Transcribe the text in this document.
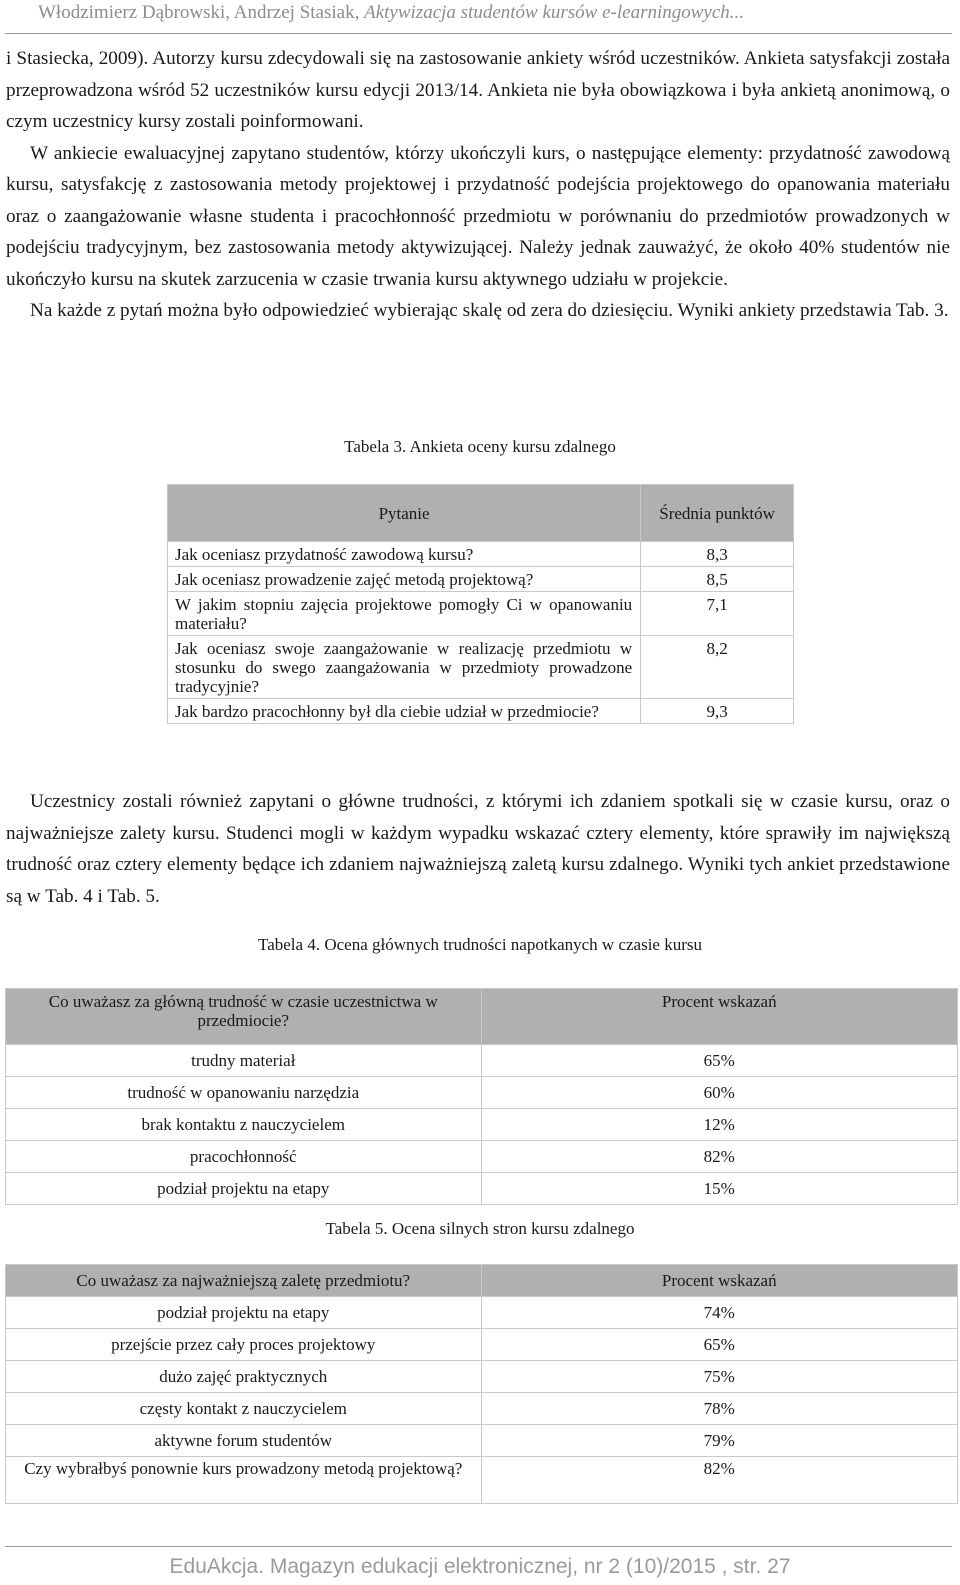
Włodzimierz Dąbrowski, Andrzej Stasiak, Aktywizacja studentów kursów e-learningowych...

i Stasiecka, 2009). Autorzy kursu zdecydowali się na zastosowanie ankiety wśród uczestników. Ankieta satysfakcji została przeprowadzona wśród 52 uczestników kursu edycji 2013/14. Ankieta nie była obowiązkowa i była ankietą anonimową, o czym uczestnicy kursy zostali poinformowani.

W ankiecie ewaluacyjnej zapytano studentów, którzy ukończyli kurs, o następujące elementy: przydatność zawodową kursu, satysfakcję z zastosowania metody projektowej i przydatność podejścia projektowego do opanowania materiału oraz o zaangażowanie własne studenta i pracochłonność przedmiotu w porównaniu do przedmiotów prowadzonych w podejściu tradycyjnym, bez zastosowania metody aktywizującej. Należy jednak zauważyć, że około 40% studentów nie ukończyło kursu na skutek zarzucenia w czasie trwania kursu aktywnego udziału w projekcie.

Na każde z pytań można było odpowiedzieć wybierając skalę od zera do dziesięciu. Wyniki ankiety przedstawia Tab. 3.

Tabela 3. Ankieta oceny kursu zdalnego
Pytanie	Średnia punktów
Jak oceniasz przydatność zawodową kursu?	8,3
Jak oceniasz prowadzenie zajęć metodą projektową?	8,5
W jakim stopniu zajęcia projektowe pomogły Ci w opanowaniu materiału?	7,1
Jak oceniasz swoje zaangażowanie w realizację przedmiotu w stosunku do swego zaangażowania w przedmioty prowadzone tradycyjnie?	8,2
Jak bardzo pracochłonny był dla ciebie udział w przedmiocie?	9,3

Uczestnicy zostali również zapytani o główne trudności, z którymi ich zdaniem spotkali się w czasie kursu, oraz o najważniejsze zalety kursu. Studenci mogli w każdym wypadku wskazać cztery elementy, które sprawiły im największą trudność oraz cztery elementy będące ich zdaniem najważniejszą zaletą kursu zdalnego. Wyniki tych ankiet przedstawione są w Tab. 4 i Tab. 5.

Tabela 4. Ocena głównych trudności napotkanych w czasie kursu
Co uważasz za główną trudność w czasie uczestnictwa w przedmiocie?	Procent wskazań
trudny materiał	65%
trudność w opanowaniu narzędzia	60%
brak kontaktu z nauczycielem	12%
pracochłonność	82%
podział projektu na etapy	15%
Tabela 5. Ocena silnych stron kursu zdalnego
Co uważasz za najważniejszą zaletę przedmiotu?	Procent wskazań
podział projektu na etapy	74%
przejście przez cały proces projektowy	65%
dużo zajęć praktycznych	75%
częsty kontakt z nauczycielem	78%
aktywne forum studentów	79%
Czy wybrałbyś ponownie kurs prowadzony metodą projektową?	82%
EduAkcja. Magazyn edukacji elektronicznej, nr 2 (10)/2015 , str. 27
